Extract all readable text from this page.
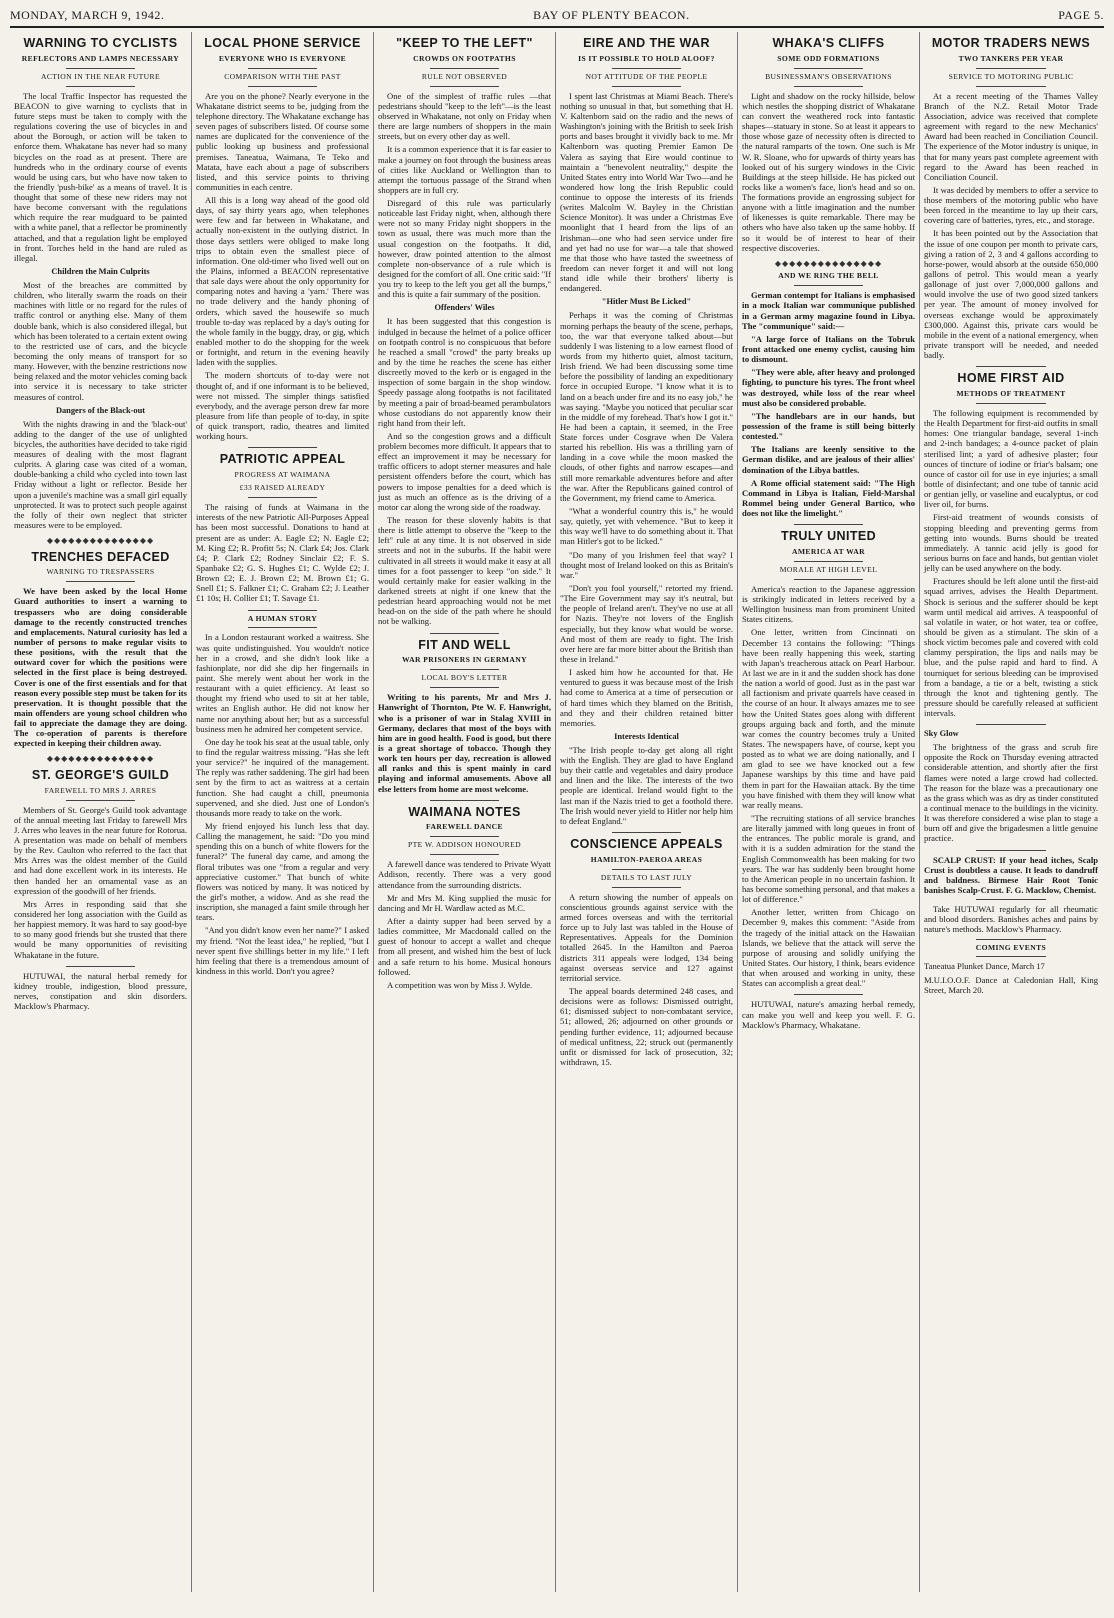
MONDAY, MARCH 9, 1942.	BAY OF PLENTY BEACON.	PAGE 5.
WARNING TO CYCLISTS
REFLECTORS AND LAMPS NECESSARY
ACTION IN THE NEAR FUTURE

The local Traffic Inspector has requested the BEACON to give warning to cyclists that in future steps must be taken to comply with the regulations covering the use of bicycles in and about the Borough, or action will be taken to enforce them. Whakatane has never had so many bicycles on the road as at present. There are hundreds who in the ordinary course of events would be using cars, but who have now taken to the friendly 'push-bike' as a means of travel. It is thought that some of these new riders may not have become conversant with the regulations which require the rear mudguard to be painted with a white panel, that a reflector be prominently attached, and that a regulation light be employed in front. Torches held in the hand are ruled as illegal.

Children the Main Culprits

Most of the breaches are committed by children, who literally swarm the roads on their machines with little or no regard for the rules of traffic control or anything else. Many of them double bank, which is also considered illegal, but which has been tolerated to a certain extent owing to the restricted use of cars, and the bicycle becoming the only means of transport for so many. However, with the benzine restrictions now being relaxed and the motor vehicles coming back into service it is necessary to take stricter measures of control.

Dangers of the Black-out

With the nights drawing in and the 'black-out' adding to the danger of the use of unlighted bicycles, the authorities have decided to take rigid measures of dealing with the most flagrant culprits. A glaring case was cited of a woman, double-banking a child who cycled into town last Friday without a light or reflector. Beside her upon a juvenile's machine was a small girl equally unprotected. It was to protect such people against the folly of their own neglect that stricter measures were to be employed.

◆◆◆◆◆◆◆◆◆◆◆◆◆◆◆
TRENCHES DEFACED
WARNING TO TRESPASSERS

We have been asked by the local Home Guard authorities to insert a warning to trespassers who are doing considerable damage to the recently constructed trenches and emplacements. Natural curiosity has led a number of persons to make regular visits to these positions, with the result that the outward cover for which the positions were selected in the first place is being destroyed. Cover is one of the first essentials and for that reason every possible step must be taken for its preservation. It is thought possible that the main offenders are young school children who fail to appreciate the damage they are doing. The co-operation of parents is therefore expected in keeping their children away.

◆◆◆◆◆◆◆◆◆◆◆◆◆◆◆
ST. GEORGE'S GUILD
FAREWELL TO MRS J. ARRES

Members of St. George's Guild took advantage of the annual meeting last Friday to farewell Mrs J. Arres who leaves in the near future for Rotorua. A presentation was made on behalf of members by the Rev. Caulton who referred to the fact that Mrs Arres was the oldest member of the Guild and had done excellent work in its interests. He then handed her an ornamental vase as an expression of the goodwill of her friends.

Mrs Arres in responding said that she considered her long association with the Guild as her happiest memory. It was hard to say good-bye to so many good friends but she trusted that there would be many opportunities of revisiting Whakatane in the future.

HUTUWAI, the natural herbal remedy for kidney trouble, indigestion, blood pressure, nerves, constipation and skin disorders. Macklow's Pharmacy.

LOCAL PHONE SERVICE
EVERYONE WHO IS EVERYONE
COMPARISON WITH THE PAST

Are you on the phone? Nearly everyone in the Whakatane district seems to be, judging from the telephone directory. The Whakatane exchange has seven pages of subscribers listed. Of course some names are duplicated for the convenience of the public looking up business and professional premises. Taneatua, Waimana, Te Teko and Matata, have each about a page of subscribers listed, and this service points to thriving communities in each centre.

All this is a long way ahead of the good old days, of say thirty years ago, when telephones were few and far between in Whakatane, and actually non-existent in the outlying district. In those days settlers were obliged to make long trips to obtain even the smallest piece of information. One old-timer who lived well out on the Plains, informed a BEACON representative that sale days were about the only opportunity for comparing notes and having a 'yarn.' There was no trade delivery and the handy phoning of orders, which saved the housewife so much trouble to-day was replaced by a day's outing for the whole family in the buggy, dray, or gig, which enabled mother to do the shopping for the week or fortnight, and return in the evening heavily laden with the supplies.

The modern shortcuts of to-day were not thought of, and if one informant is to be believed, were not missed. The simpler things satisfied everybody, and the average person drew far more pleasure from life than people of to-day, in spite of quick transport, radio, theatres and limited working hours.

PATRIOTIC APPEAL
PROGRESS AT WAIMANA
£33 RAISED ALREADY

The raising of funds at Waimana in the interests of the new Patriotic All-Purposes Appeal has been most successful. Donations to hand at present are as under: A. Eagle £2; N. Eagle £2; M. King £2; R. Profitt 5s; N. Clark £4; Jos. Clark £4; P. Clark £2; Rodney Sinclair £2; F. S. Spanbake £2; G. S. Hughes £1; C. Wylde £2; J. Brown £2; E. J. Brown £2; M. Brown £1; G. Snell £1; S. Falkner £1; C. Graham £2; J. Leather £1 10s; H. Collier £1; T. Savage £1.

A HUMAN STORY

In a London restaurant worked a waitress. She was quite undistinguished. You wouldn't notice her in a crowd, and she didn't look like a fashionplate, nor did she dip her fingernails in paint. She merely went about her work in the restaurant with a quiet efficiency. At least so thought my friend who used to sit at her table, writes an English author. He did not know her name nor anything about her; but as a successful business men he admired her competent service.

One day he took his seat at the usual table, only to find the regular waitress missing. "Has she left your service?" he inquired of the management. The reply was rather saddening. The girl had been sent by the firm to act as waitress at a certain function. She had caught a chill, pneumonia supervened, and she died. Just one of London's thousands more ready to take on the work.

My friend enjoyed his lunch less that day. Calling the management, he said: "Do you mind spending this on a bunch of white flowers for the funeral?" The funeral day came, and among the floral tributes was one "from a regular and very appreciative customer." That bunch of white flowers was noticed by many. It was noticed by the girl's mother, a widow. And as she read the inscription, she managed a faint smile through her tears.

"And you didn't know even her name?" I asked my friend. "Not the least idea," he replied, "but I never spent five shillings better in my life." I left him feeling that there is a tremendous amount of kindness in this world. Don't you agree?

"KEEP TO THE LEFT"
CROWDS ON FOOTPATHS
RULE NOT OBSERVED

One of the simplest of traffic rules —that pedestrians should "keep to the left"—is the least observed in Whakatane, not only on Friday when there are large numbers of shoppers in the main streets, but on every other day as well.

It is a common experience that it is far easier to make a journey on foot through the business areas of cities like Auckland or Wellington than to attempt the tortuous passage of the Strand when shoppers are in full cry.

Disregard of this rule was particularly noticeable last Friday night, when, although there were not so many Friday night shoppers in the town as usual, there was much more than the usual congestion on the footpaths. It did, however, draw pointed attention to the almost complete non-observance of a rule which is designed for the comfort of all. One critic said: "If you try to keep to the left you get all the bumps," and this is quite a fair summary of the position.

Offenders' Wiles

It has been suggested that this congestion is indulged in because the helmet of a police officer on footpath control is no conspicuous that before he reached a small "crowd" the party breaks up and by the time he reaches the scene has either discreetly moved to the kerb or is engaged in the inspection of some bargain in the shop window. Speedy passage along footpaths is not facilitated by meeting a pair of broad-beamed perambulators whose custodians do not apparently know their right hand from their left.

And so the congestion grows and a difficult problem becomes more difficult. It appears that to effect an improvement it may be necessary for traffic officers to adopt sterner measures and hale persistent offenders before the court, which has powers to impose penalties for a deed which is just as much an offence as is the driving of a motor car along the wrong side of the roadway.

The reason for these slovenly habits is that there is little attempt to observe the "keep to the left" rule at any time. It is not observed in side streets and not in the suburbs. If the habit were cultivated in all streets it would make it easy at all times for a foot passenger to keep "on side." It would certainly make for easier walking in the darkened streets at night if one knew that the pedestrian heard approaching would not be met head-on on the side of the path where he should not be walking.

FIT AND WELL
WAR PRISONERS IN GERMANY
LOCAL BOY'S LETTER

Writing to his parents, Mr and Mrs J. Hanwright of Thornton, Pte W. F. Hanwright, who is a prisoner of war in Stalag XVIII in Germany, declares that most of the boys with him are in good health. Food is good, but there is a great shortage of tobacco. Though they work ten hours per day, recreation is allowed all ranks and this is spent mainly in card playing and informal amusements. Above all else letters from home are most welcome.

WAIMANA NOTES
FAREWELL DANCE
PTE W. ADDISON HONOURED

A farewell dance was tendered to Private Wyatt Addison, recently. There was a very good attendance from the surrounding districts.

Mr and Mrs M. King supplied the music for dancing and Mr H. Wardlaw acted as M.C.

After a dainty supper had been served by a ladies committee, Mr Macdonald called on the guest of honour to accept a wallet and cheque from all present, and wished him the best of luck and a safe return to his home. Musical honours followed.

A competition was won by Miss J. Wylde.

EIRE AND THE WAR
IS IT POSSIBLE TO HOLD ALOOF?
NOT ATTITUDE OF THE PEOPLE

I spent last Christmas at Miami Beach. There's nothing so unusual in that, but something that H. V. Kaltenborn said on the radio and the news of Washington's joining with the British to seek Irish ports and bases brought it vividly back to me. Mr Kaltenborn was quoting Premier Eamon De Valera as saying that Eire would continue to maintain a "benevolent neutrality," despite the United States entry into World War Two—and he wondered how long the Irish Republic could continue to oppose the interests of its friends (writes Malcolm W. Bayley in the Christian Science Monitor). It was under a Christmas Eve moonlight that I heard from the lips of an Irishman—one who had seen service under fire and yet had no use for war—a tale that showed me that those who have tasted the sweetness of freedom can never forget it and will not long stand idle while their brothers' liberty is endangered.

"Hitler Must Be Licked"

Perhaps it was the coming of Christmas morning perhaps the beauty of the scene, perhaps, too, the war that everyone talked about—but suddenly I was listening to a low earnest flood of words from my hitherto quiet, almost taciturn, Irish friend. We had been discussing some time before the possibility of landing an expeditionary force in occupied Europe. "I know what it is to land on a beach under fire and its no easy job," he was saying. "Maybe you noticed that peculiar scar in the middle of my forehead. That's how I got it." He had been a captain, it seemed, in the Free State forces under Cosgrave when De Valera started his rebellion. His was a thrilling yarn of landing in a cove while the moon masked the clouds, of other fights and narrow escapes—and still more remarkable adventures before and after the war. After the Republicans gained control of the Government, my friend came to America.

"What a wonderful country this is," he would say, quietly, yet with vehemence. "But to keep it this way we'll have to do something about it. That man Hitler's got to be licked."

"Do many of you Irishmen feel that way? I thought most of Ireland looked on this as Britain's war."

"Don't you fool yourself," retorted my friend. "The Eire Government may say it's neutral, but the people of Ireland aren't. They've no use at all for Nazis. They're not lovers of the English especially, but they know what would be worse. And most of them are ready to fight. The Irish over here are far more bitter about the British than these in Ireland."

I asked him how he accounted for that. He ventured to guess it was because most of the Irish had come to America at a time of persecution or of hard times which they blamed on the British, and they and their children retained bitter memories.

Interests Identical

"The Irish people to-day get along all right with the English. They are glad to have England buy their cattle and vegetables and dairy produce and linen and the like. The interests of the two people are identical. Ireland would fight to the last man if the Nazis tried to get a foothold there. The Irish would never yield to Hitler nor help him to defeat England."

CONSCIENCE APPEALS
HAMILTON-PAEROA AREAS
DETAILS TO LAST JULY

A return showing the number of appeals on conscientious grounds against service with the armed forces overseas and with the territorial force up to July last was tabled in the House of Representatives. Appeals for the Dominion totalled 2645. In the Hamilton and Paeroa districts 311 appeals were lodged, 134 being against overseas service and 127 against territorial service.

The appeal boards determined 248 cases, and decisions were as follows: Dismissed outright, 61; dismissed subject to non-combatant service, 51; allowed, 26; adjourned on other grounds or pending further evidence, 11; adjourned because of medical unfitness, 22; struck out (permanently unfit or dismissed for lack of prosecution, 32; withdrawn, 15.

WHAKA'S CLIFFS
SOME ODD FORMATIONS
BUSINESSMAN'S OBSERVATIONS

Light and shadow on the rocky hillside, below which nestles the shopping district of Whakatane can convert the weathered rock into fantastic shapes—statuary in stone. So at least it appears to those whose gaze of necessity often is directed to the natural ramparts of the town. One such is Mr W. R. Sloane, who for upwards of thirty years has looked out of his surgery windows in the Civic Buildings at the steep hillside. He has picked out rocks like a women's face, lion's head and so on. The formations provide an engrossing subject for anyone with a little imagination and the number of likenesses is quite remarkable. There may be others who have also taken up the same hobby. If so it would be of interest to hear of their respective discoveries.

◆◆◆◆◆◆◆◆◆◆◆◆◆◆◆
AND WE RING THE BELL

German contempt for Italians is emphasised in a mock Italian war communique published in a German army magazine found in Libya. The "communique" said:—

"A large force of Italians on the Tobruk front attacked one enemy cyclist, causing him to dismount.

"They were able, after heavy and prolonged fighting, to puncture his tyres. The front wheel was destroyed, while loss of the rear wheel must also be considered probable.

"The handlebars are in our hands, but possession of the frame is still being bitterly contested."

The Italians are keenly sensitive to the German dislike, and are jealous of their allies' domination of the Libya battles.

A Rome official statement said: "The High Command in Libya is Italian, Field-Marshal Rommel being under General Bartico, who does not like the limelight."

TRULY UNITED
AMERICA AT WAR
MORALE AT HIGH LEVEL

America's reaction to the Japanese aggression is strikingly indicated in letters received by a Wellington business man from prominent United States citizens.

One letter, written from Cincinnati on December 13 contains the following: "Things have been really happening this week, starting with Japan's treacherous attack on Pearl Harbour. At last we are in it and the sudden shock has done the nation a world of good. Just as in the past war all factionism and private quarrels have ceased in the course of an hour. It always amazes me to see how the United States goes along with different groups arguing back and forth, and the minute war comes the country becomes truly a United States. The newspapers have, of course, kept you posted as to what we are doing nationally, and I am glad to see we have knocked out a few Japanese warships by this time and have paid them in part for the Hawaiian attack. By the time you have finished with them they will know what war really means.

"The recruiting stations of all service branches are literally jammed with long queues in front of the entrances. The public morale is grand, and with it is a sudden admiration for the stand the English Commonwealth has been making for two years. The war has suddenly been brought home to the American people in no uncertain fashion. It has become something personal, and that makes a lot of difference."

Another letter, written from Chicago on December 9, makes this comment: "Aside from the tragedy of the initial attack on the Hawaiian Islands, we believe that the attack will serve the purpose of arousing and solidly unifying the United States. Our history, I think, bears evidence that when aroused and working in unity, these States can accomplish a great deal."

HUTUWAI, nature's amazing herbal remedy, can make you well and keep you well. F. G. Macklow's Pharmacy, Whakatane.

MOTOR TRADERS NEWS
TWO TANKERS PER YEAR
SERVICE TO MOTORING PUBLIC

At a recent meeting of the Thames Valley Branch of the N.Z. Retail Motor Trade Association, advice was received that complete agreement with regard to the new Mechanics' Award had been reached in Conciliation Council. The experience of the Motor industry is unique, in that for many years past complete agreement with regard to the Award has been reached in Conciliation Council.

It was decided by members to offer a service to those members of the motoring public who have been forced in the meantime to lay up their cars, covering care of batteries, tyres, etc., and storage.

It has been pointed out by the Association that the issue of one coupon per month to private cars, giving a ration of 2, 3 and 4 gallons according to horse-power, would absorb at the outside 650,000 gallons of petrol. This would mean a yearly gallonage of just over 7,000,000 gallons and would involve the use of two good sized tankers per year. The amount of money involved for overseas exchange would be approximately £300,000. Against this, private cars would be mobile in the event of a national emergency, when private transport will be needed, and needed badly.

HOME FIRST AID
METHODS OF TREATMENT

The following equipment is recommended by the Health Department for first-aid outfits in small homes: One triangular bandage, several 1-inch and 2-inch bandages; a 4-ounce packet of plain sterilised lint; a yard of adhesive plaster; four ounces of tincture of iodine or friar's balsam; one ounce of castor oil for use in eye injuries; a small bottle of disinfectant; and one tube of tannic acid or gentian jelly, or vaseline and eucalyptus, or cod liver oil, for burns.

First-aid treatment of wounds consists of stopping bleeding and preventing germs from getting into wounds. Burns should be treated immediately. A tannic acid jelly is good for serious burns on face and hands, but gentian violet jelly can be used anywhere on the body.

Fractures should be left alone until the first-aid squad arrives, advises the Health Department. Shock is serious and the sufferer should be kept warm until medical aid arrives. A teaspoonful of sal volatile in water, or hot water, tea or coffee, should be given as a stimulant. The skin of a shock victim becomes pale and covered with cold clammy perspiration, the lips and nails may be blue, and the pulse rapid and hard to find. A tourniquet for serious bleeding can be improvised from a bandage, a tie or a belt, twisting a stick through the knot and tightening gently. The pressure should be carefully released at sufficient intervals.

Sky Glow

The brightness of the grass and scrub fire opposite the Rock on Thursday evening attracted considerable attention, and shortly after the first flames were noted a large crowd had collected. The reason for the blaze was a precautionary one as the grass which was as dry as tinder constituted a continual menace to the buildings in the vicinity. It was therefore considered a wise plan to stage a burn off and give the brigadesmen a little genuine practice.

SCALP CRUST: If your head itches, Scalp Crust is doubtless a cause. It leads to dandruff and baldness. Birmese Hair Root Tonic banishes Scalp-Crust. F. G. Macklow, Chemist.

Take HUTUWAI regularly for all rheumatic and blood disorders. Banishes aches and pains by nature's methods. Macklow's Pharmacy.

COMING EVENTS

Taneatua Plunket Dance, March 17

M.U.I.O.O.F. Dance at Caledonian Hall, King Street, March 20.
